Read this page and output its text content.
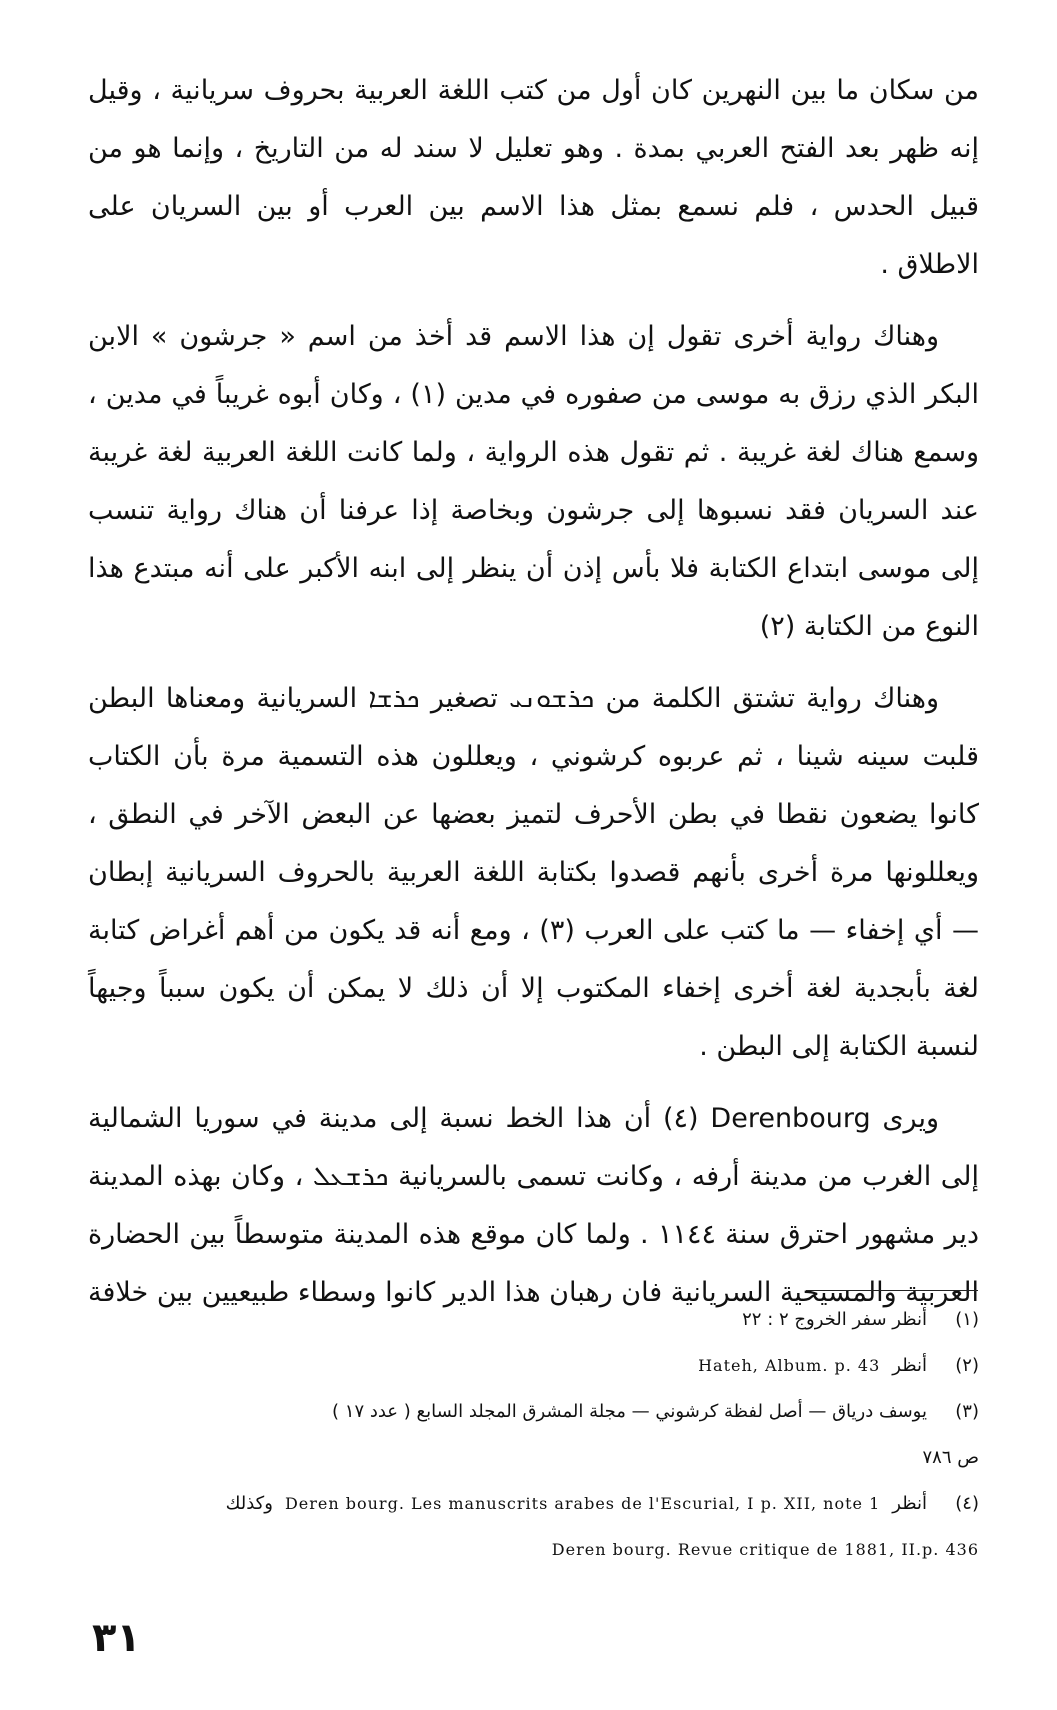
من سكان ما بين النهرين كان أول من كتب اللغة العربية بحروف سريانية ، وقيل إنه ظهر بعد الفتح العربي بمدة . وهو تعليل لا سند له من التاريخ ، وإنما هو من قبيل الحدس ، فلم نسمع بمثل هذا الاسم بين العرب أو بين السريان على الاطلاق .

وهناك رواية أخرى تقول إن هذا الاسم قد أخذ من اسم « جرشون » الابن البكر الذي رزق به موسى من صفوره في مدين (١) ، وكان أبوه غريباً في مدين ، وسمع هناك لغة غريبة . ثم تقول هذه الرواية ، ولما كانت اللغة العربية لغة غريبة عند السريان فقد نسبوها إلى جرشون وبخاصة إذا عرفنا أن هناك رواية تنسب إلى موسى ابتداع الكتابة فلا بأس إذن أن ينظر إلى ابنه الأكبر على أنه مبتدع هذا النوع من الكتابة (٢)

وهناك رواية تشتق الكلمة من ܟܪܫܘܢܝ تصغير ܟܪܫܐ السريانية ومعناها البطن قلبت سينه شينا ، ثم عربوه كرشوني ، ويعللون هذه التسمية مرة بأن الكتاب كانوا يضعون نقطا في بطن الأحرف لتميز بعضها عن البعض الآخر في النطق ، ويعللونها مرة أخرى بأنهم قصدوا بكتابة اللغة العربية بالحروف السريانية إبطان — أي إخفاء — ما كتب على العرب (٣) ، ومع أنه قد يكون من أهم أغراض كتابة لغة بأبجدية لغة أخرى إخفاء المكتوب إلا أن ذلك لا يمكن أن يكون سبباً وجيهاً لنسبة الكتابة إلى البطن .

ويرى Derenbourg (٤) أن هذا الخط نسبة إلى مدينة في سوريا الشمالية إلى الغرب من مدينة أرفه ، وكانت تسمى بالسريانية ܟܪܫܥܠ ، وكان بهذه المدينة دير مشهور احترق سنة ١١٤٤ . ولما كان موقع هذه المدينة متوسطاً بين الحضارة العربية والمسيحية السريانية فان رهبان هذا الدير كانوا وسطاء طبيعيين بين خلافة

(١)
أنظر سفر الخروج ٢ : ٢٢
(٢)
أنظر
Hateh, Album. p. 43
(٣)
يوسف درياق — أصل لفظة كرشوني — مجلة المشرق المجلد السابع ( عدد ١٧ )
ص ٧٨٦
(٤)
أنظر
Deren bourg. Les manuscrits arabes de l'Escurial, I p. XII, note 1
وكذلك
Deren bourg. Revue critique de 1881, II.p. 436
٣١
